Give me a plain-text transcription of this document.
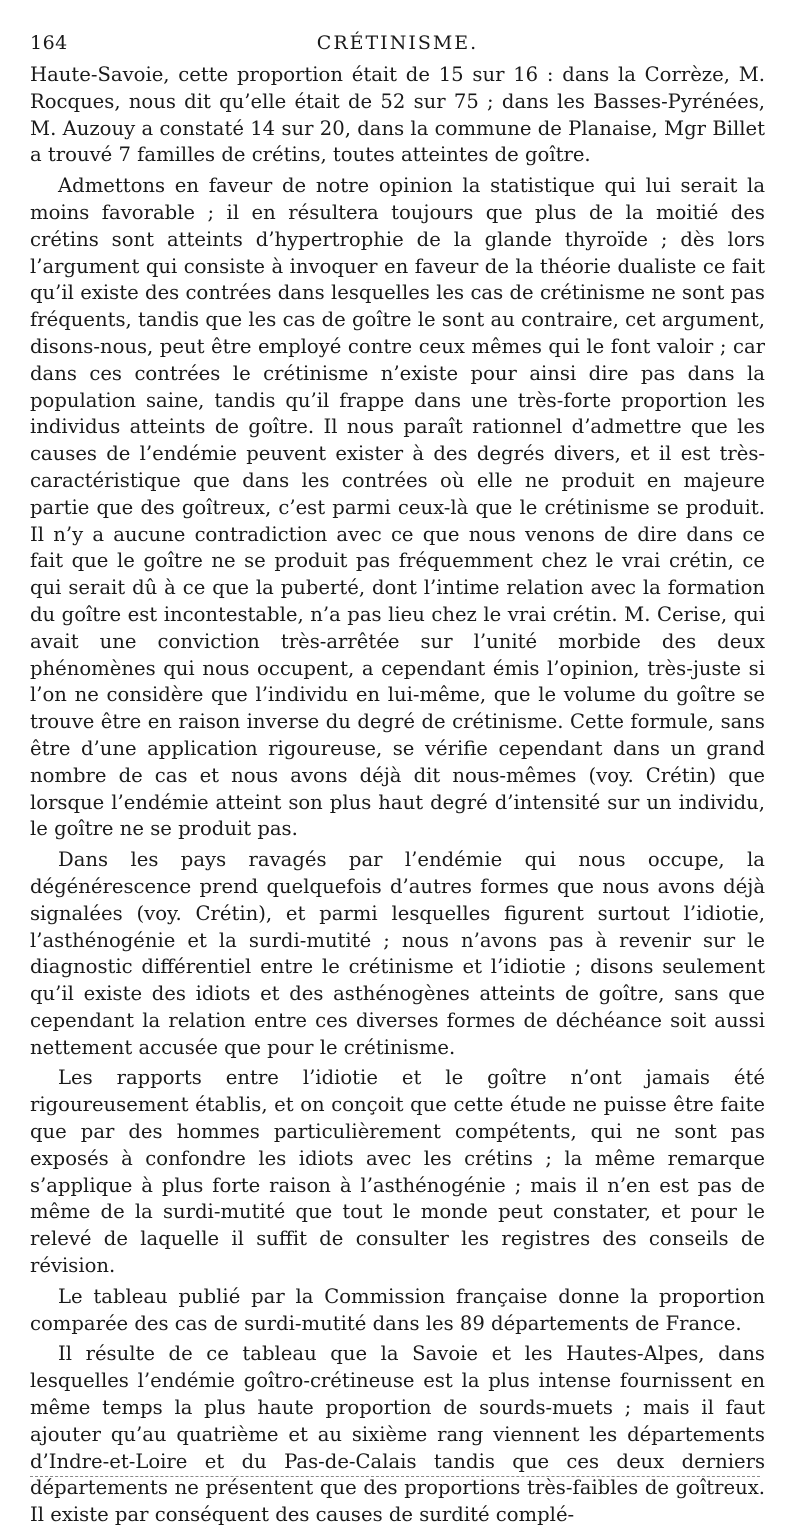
164	CRÉTINISME.

Haute-Savoie, cette proportion était de 15 sur 16 : dans la Corrèze, M. Rocques, nous dit qu’elle était de 52 sur 75 ; dans les Basses-Pyrénées, M. Auzouy a constaté 14 sur 20, dans la commune de Planaise, Mgr Billet a trouvé 7 familles de crétins, toutes atteintes de goître.

Admettons en faveur de notre opinion la statistique qui lui serait la moins favorable ; il en résultera toujours que plus de la moitié des crétins sont atteints d’hypertrophie de la glande thyroïde ; dès lors l’argument qui consiste à invoquer en faveur de la théorie dualiste ce fait qu’il existe des contrées dans lesquelles les cas de crétinisme ne sont pas fréquents, tandis que les cas de goître le sont au contraire, cet argument, disons-nous, peut être employé contre ceux mêmes qui le font valoir ; car dans ces contrées le crétinisme n’existe pour ainsi dire pas dans la population saine, tandis qu’il frappe dans une très-forte proportion les individus atteints de goître. Il nous paraît rationnel d’admettre que les causes de l’endémie peuvent exister à des degrés divers, et il est très-caractéristique que dans les contrées où elle ne produit en majeure partie que des goîtreux, c’est parmi ceux-là que le crétinisme se produit. Il n’y a aucune contradiction avec ce que nous venons de dire dans ce fait que le goître ne se produit pas fréquemment chez le vrai crétin, ce qui serait dû à ce que la puberté, dont l’intime relation avec la formation du goître est incontestable, n’a pas lieu chez le vrai crétin. M. Cerise, qui avait une conviction très-arrêtée sur l’unité morbide des deux phénomènes qui nous occupent, a cependant émis l’opinion, très-juste si l’on ne considère que l’individu en lui-même, que le volume du goître se trouve être en raison inverse du degré de crétinisme. Cette formule, sans être d’une application rigoureuse, se vérifie cependant dans un grand nombre de cas et nous avons déjà dit nous-mêmes (voy. Crétin) que lorsque l’endémie atteint son plus haut degré d’intensité sur un individu, le goître ne se produit pas.

Dans les pays ravagés par l’endémie qui nous occupe, la dégénérescence prend quelquefois d’autres formes que nous avons déjà signalées (voy. Crétin), et parmi lesquelles figurent surtout l’idiotie, l’asthénogénie et la surdi-mutité ; nous n’avons pas à revenir sur le diagnostic différentiel entre le crétinisme et l’idiotie ; disons seulement qu’il existe des idiots et des asthénogènes atteints de goître, sans que cependant la relation entre ces diverses formes de déchéance soit aussi nettement accusée que pour le crétinisme.

Les rapports entre l’idiotie et le goître n’ont jamais été rigoureusement établis, et on conçoit que cette étude ne puisse être faite que par des hommes particulièrement compétents, qui ne sont pas exposés à confondre les idiots avec les crétins ; la même remarque s’applique à plus forte raison à l’asthénogénie ; mais il n’en est pas de même de la surdi-mutité que tout le monde peut constater, et pour le relevé de laquelle il suffit de consulter les registres des conseils de révision.

Le tableau publié par la Commission française donne la proportion comparée des cas de surdi-mutité dans les 89 départements de France.

Il résulte de ce tableau que la Savoie et les Hautes-Alpes, dans lesquelles l’endémie goîtro-crétineuse est la plus intense fournissent en même temps la plus haute proportion de sourds-muets ; mais il faut ajouter qu’au quatrième et au sixième rang viennent les départements d’Indre-et-Loire et du Pas-de-Calais tandis que ces deux derniers départements ne présentent que des proportions très-faibles de goîtreux. Il existe par conséquent des causes de surdité complé-
